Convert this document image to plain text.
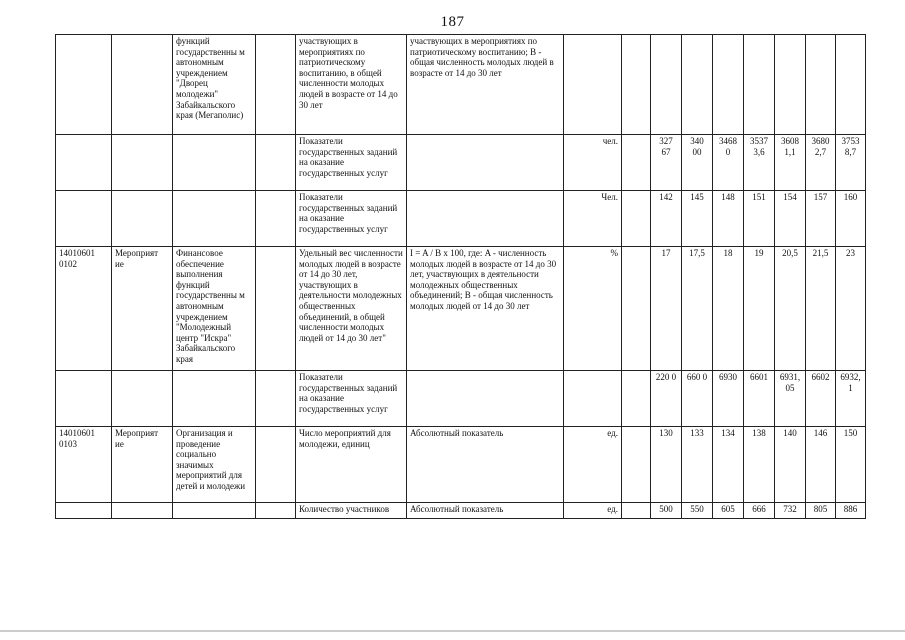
187
		функций государственны м автономным учреждением "Дворец молодежи" Забайкальского края (Мегаполис)		участвующих в мероприятиях по патриотическому воспитанию, в общей численности молодых людей в возрасте от 14 до 30 лет	участвующих в мероприятиях по патриотическому воспитанию; В - общая численность молодых людей в возрасте от 14 до 30 лет									
				Показатели государственных заданий на оказание государственных услуг		чел.		327 67	340 00	3468 0	3537 3,6	3608 1,1	3680 2,7	3753 8,7
				Показатели государственных заданий на оказание государственных услуг		Чел.		142	145	148	151	154	157	160
14010601 0102	Мероприят ие	Финансовое обеспечение выполнения функций государственны м автономным учреждением "Молодежный центр "Искра" Забайкальского края		Удельный вес численности молодых людей в возрасте от 14 до 30 лет, участвующих в деятельности молодежных общественных объединений, в общей численности молодых людей от 14 до 30 лет"	I = A / B x 100, где: A - численность молодых людей в возрасте от 14 до 30 лет, участвующих в деятельности молодежных общественных объединений; В - общая численность молодых людей от 14 до 30 лет	%		17	17,5	18	19	20,5	21,5	23
				Показатели государственных заданий на оказание государственных услуг				220 0	660 0	6930	6601	6931, 05	6602	6932, 1
14010601 0103	Мероприят ие	Организация и проведение социально значимых мероприятий для детей и молодежи		Число мероприятий для молодежи, единиц	Абсолютный показатель	ед.		130	133	134	138	140	146	150
				Количество участников	Абсолютный показатель	ед.		500	550	605	666	732	805	886
